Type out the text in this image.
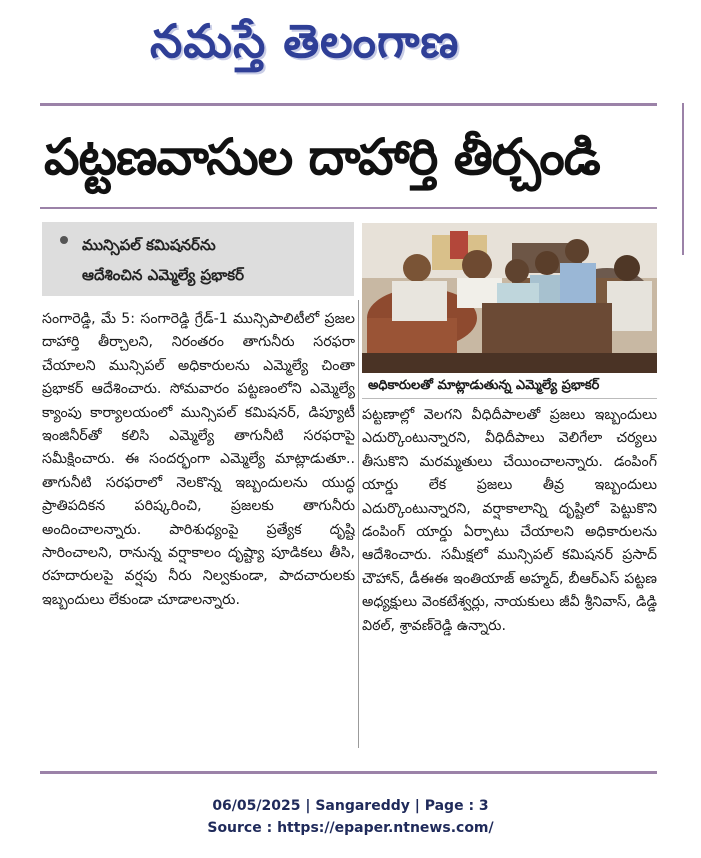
నమస్తే తెలంగాణ
పట్టణవాసుల దాహార్తి తీర్చండి
మున్సిపల్ కమిషనర్‌ను
ఆదేశించిన ఎమ్మెల్యే ప్రభాకర్
అధికారులతో మాట్లాడుతున్న ఎమ్మెల్యే ప్రభాకర్

సంగారెడ్డి, మే 5: సంగారెడ్డి గ్రేడ్-1 మున్సిపాలిటీలో ప్రజల దాహార్తి తీర్చాలని, నిరంతరం తాగునీరు సరఫరా చేయాలని మున్సిపల్ అధికారులను ఎమ్మెల్యే చింతా ప్రభాకర్ ఆదేశించారు. సోమవారం పట్టణంలోని ఎమ్మెల్యే క్యాంపు కార్యాలయంలో మున్సిపల్ కమిషనర్, డిప్యూటీ ఇంజినీర్‌తో కలిసి ఎమ్మెల్యే తాగునీటి సరఫరాపై సమీక్షించారు. ఈ సందర్భంగా ఎమ్మెల్యే మాట్లాడుతూ.. తాగునీటి సరఫరాలో నెలకొన్న ఇబ్బందులను యుద్ధ ప్రాతిపదికన పరిష్కరించి, ప్రజలకు తాగునీరు అందించాలన్నారు. పారిశుధ్యంపై ప్రత్యేక దృష్టి సారించాలని, రానున్న వర్షాకాలం దృష్ట్యా పూడికలు తీసి, రహదారులపై వర్షపు నీరు నిల్వకుండా, పాదచారులకు ఇబ్బందులు లేకుండా చూడాలన్నారు.

పట్టణాల్లో వెలగని వీధిదీపాలతో ప్రజలు ఇబ్బందులు ఎదుర్కొంటున్నారని, వీధిదీపాలు వెలిగేలా చర్యలు తీసుకొని మరమ్మతులు చేయించాలన్నారు. డంపింగ్ యార్డు లేక ప్రజలు తీవ్ర ఇబ్బందులు ఎదుర్కొంటున్నారని, వర్షాకాలాన్ని దృష్టిలో పెట్టుకొని డంపింగ్ యార్డు ఏర్పాటు చేయాలని అధికారులను ఆదేశించారు. సమీక్షలో మున్సిపల్ కమిషనర్ ప్రసాద్ చౌహాన్, డీఈఈ ఇంతియాజ్ అహ్మద్, బీఆర్ఎస్ పట్టణ అధ్యక్షులు వెంకటేశ్వర్లు, నాయకులు జీవీ శ్రీనివాస్, డిడ్డి విఠల్, శ్రావణ్‌రెడ్డి ఉన్నారు.

06/05/2025 | Sangareddy | Page : 3
Source : https://epaper.ntnews.com/
